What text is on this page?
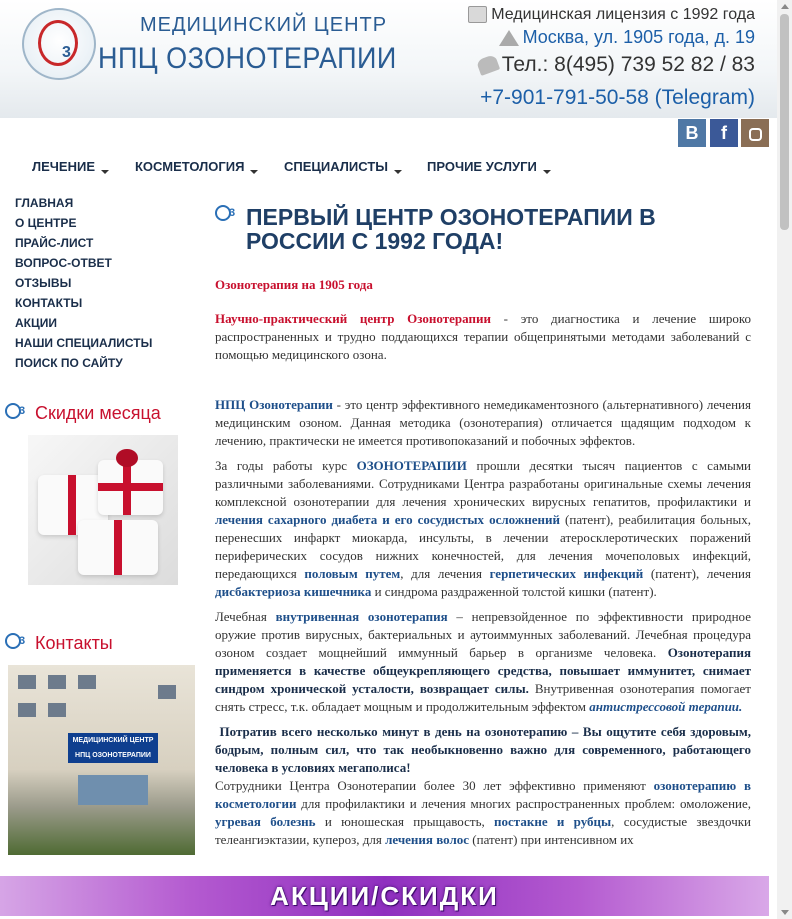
3
МЕДИЦИНСКИЙ ЦЕНТР
НПЦ ОЗОНОТЕРАПИИ
Медицинская лицензия с 1992 года
Москва, ул. 1905 года, д. 19
Тел.: 8(495) 739 52 82 / 83
+7-901-791-50-58 (Telegram)
В	f
ЛЕЧЕНИЕ	КОСМЕТОЛОГИЯ	СПЕЦИАЛИСТЫ	ПРОЧИЕ УСЛУГИ
ГЛАВНАЯ
О ЦЕНТРЕ
ПРАЙС-ЛИСТ
ВОПРОС-ОТВЕТ
ОТЗЫВЫ
КОНТАКТЫ
АКЦИИ
НАШИ СПЕЦИАЛИСТЫ
ПОИСК ПО САЙТУ
3Скидки месяца
3Контакты
МЕДИЦИНСКИЙ ЦЕНТР НПЦ ОЗОНОТЕРАПИИ
3
ПЕРВЫЙ ЦЕНТР ОЗОНОТЕРАПИИ В РОССИИ С 1992 ГОДА!

Озонотерапия на 1905 года

Научно-практический центр Озонотерапии - это диагностика и лечение широко распространенных и трудно поддающихся терапии общепринятыми методами заболеваний с помощью медицинского озона.

НПЦ Озонотерапии - это центр эффективного немедикаментозного (альтернативного) лечения медицинским озоном. Данная методика (озонотерапия) отличается щадящим подходом к лечению, практически не имеется противопоказаний и побочных эффектов.

За годы работы курс ОЗОНОТЕРАПИИ прошли десятки тысяч пациентов с самыми различными заболеваниями. Сотрудниками Центра разработаны оригинальные схемы лечения комплексной озонотерапии для лечения хронических вирусных гепатитов, профилактики и лечения сахарного диабета и его сосудистых осложнений (патент), реабилитация больных, перенесших инфаркт миокарда, инсульты, в лечении атеросклеротических поражений периферических сосудов нижних конечностей, для лечения мочеполовых инфекций, передающихся половым путем, для лечения герпетических инфекций (патент), лечения дисбактериоза кишечника и синдрома раздраженной толстой кишки (патент).

Лечебная внутривенная озонотерапия – непревзойденное по эффективности природное оружие против вирусных, бактериальных и аутоиммунных заболеваний. Лечебная процедура озоном создает мощнейший иммунный барьер в организме человека. Озонотерапия применяется в качестве общеукрепляющего средства, повышает иммунитет, снимает синдром хронической усталости, возвращает силы. Внутривенная озонотерапия помогает снять стресс, т.к. обладает мощным и продолжительным эффектом антистрессовой терапии.

Потратив всего несколько минут в день на озонотерапию – Вы ощутите себя здоровым, бодрым, полным сил, что так необыкновенно важно для современного, работающего человека в условиях мегаполиса!

Сотрудники Центра Озонотерапии более 30 лет эффективно применяют озонотерапию в косметологии для профилактики и лечения многих распространенных проблем: омоложение, угревая болезнь и юношеская прыщавость, постакне и рубцы, сосудистые звездочки телеангиэктазии, купероз, для лечения волос (патент) при интенсивном их

АКЦИИ/СКИДКИ
